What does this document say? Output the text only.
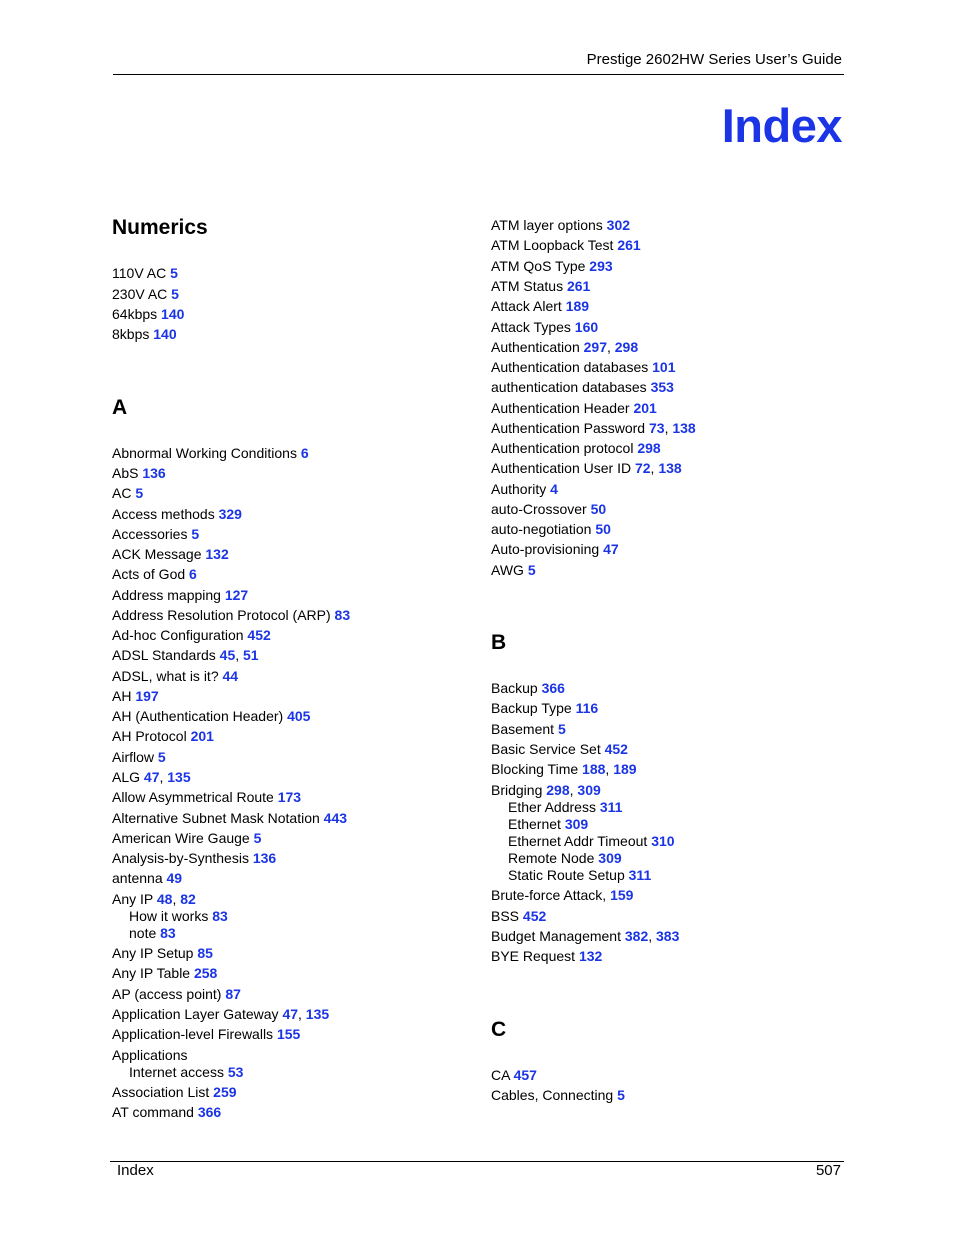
Prestige 2602HW Series User’s Guide
Index
Numerics
110V AC 5
230V AC 5
64kbps 140
8kbps 140
A
Abnormal Working Conditions 6
AbS 136
AC 5
Access methods 329
Accessories 5
ACK Message 132
Acts of God 6
Address mapping 127
Address Resolution Protocol (ARP) 83
Ad-hoc Configuration 452
ADSL Standards 45, 51
ADSL, what is it? 44
AH 197
AH (Authentication Header) 405
AH Protocol 201
Airflow 5
ALG 47, 135
Allow Asymmetrical Route 173
Alternative Subnet Mask Notation 443
American Wire Gauge 5
Analysis-by-Synthesis 136
antenna 49
Any IP 48, 82
How it works 83
note 83
Any IP Setup 85
Any IP Table 258
AP (access point) 87
Application Layer Gateway 47, 135
Application-level Firewalls 155
Applications
Internet access 53
Association List 259
AT command 366
ATM layer options 302
ATM Loopback Test 261
ATM QoS Type 293
ATM Status 261
Attack Alert 189
Attack Types 160
Authentication 297, 298
Authentication databases 101
authentication databases 353
Authentication Header 201
Authentication Password 73, 138
Authentication protocol 298
Authentication User ID 72, 138
Authority 4
auto-Crossover 50
auto-negotiation 50
Auto-provisioning 47
AWG 5
B
Backup 366
Backup Type 116
Basement 5
Basic Service Set 452
Blocking Time 188, 189
Bridging 298, 309
Ether Address 311
Ethernet 309
Ethernet Addr Timeout 310
Remote Node 309
Static Route Setup 311
Brute-force Attack, 159
BSS 452
Budget Management 382, 383
BYE Request 132
C
CA 457
Cables, Connecting 5
Index	507
